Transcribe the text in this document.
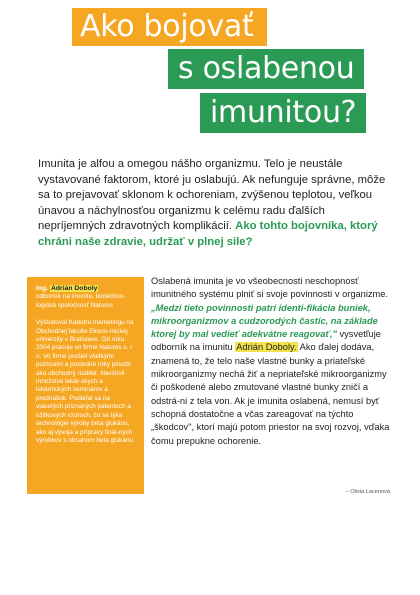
Ako bojovať
s oslabenou
imunitou?

Imunita je alfou a omegou nášho organizmu. Telo je neustále vystavované faktorom, ktoré ju oslabujú. Ak nefunguje správne, môže sa to prejavovať sklonom k ochoreniam, zvýšenou teplotou, veľkou únavou a náchylnosťou organizmu k celému radu ďalších nepríjemných zdravotných komplikácií. Ako tohto bojovníka, ktorý chráni naše zdravie, udržať v plnej sile?

Ing. Adrián Doboly
odborník na imunitu, biotechno-logická spoločnosť Natures
Vyštudoval Katedru marketingu na Obchodnej fakulte Ekono-mickej univerzity v Bratislave. Od roku 2004 pracuje vo firme Natures s. r. o. Vo firme prešiel všetkými pozíciami a posledné roky pôsobí ako obchodný riaditeľ. Navštívil množstvo lekár-skych a lekárnických seminárov a prednášok. Podieľal sa na viacerých priznaných patentoch a úžitkových vzoroch, čo sa týka technológie výroby beta glukánu, ako aj vývoja a prípravy finál-nych výrobkov s obsahom beta glukánu.

Oslabená imunita je vo všeobecnosti neschopnosť imunitného systému plniť si svoje povinnosti v organizme. „Medzi tieto povinnosti patrí identi-fikácia buniek, mikroorganizmov a cudzorodých častíc, na základe ktorej by mal vedieť adekvátne reagovať," vysvetľuje odborník na imunitu Adrián Doboly. Ako ďalej dodáva, znamená to, že telo naše vlastné bunky a priateľské mikroorganizmy nechá žiť a nepriateľské mikroorganizmy či poškodené alebo zmutované vlastné bunky zničí a odstrá-ni z tela von. Ak je imunita oslabená, nemusí byť schopná dostatočne a včas zareagovať na týchto „škodcov", ktorí majú potom priestor na svoj rozvoj, vďaka čomu prepukne ochorenie.

– Olivia Lacenová
